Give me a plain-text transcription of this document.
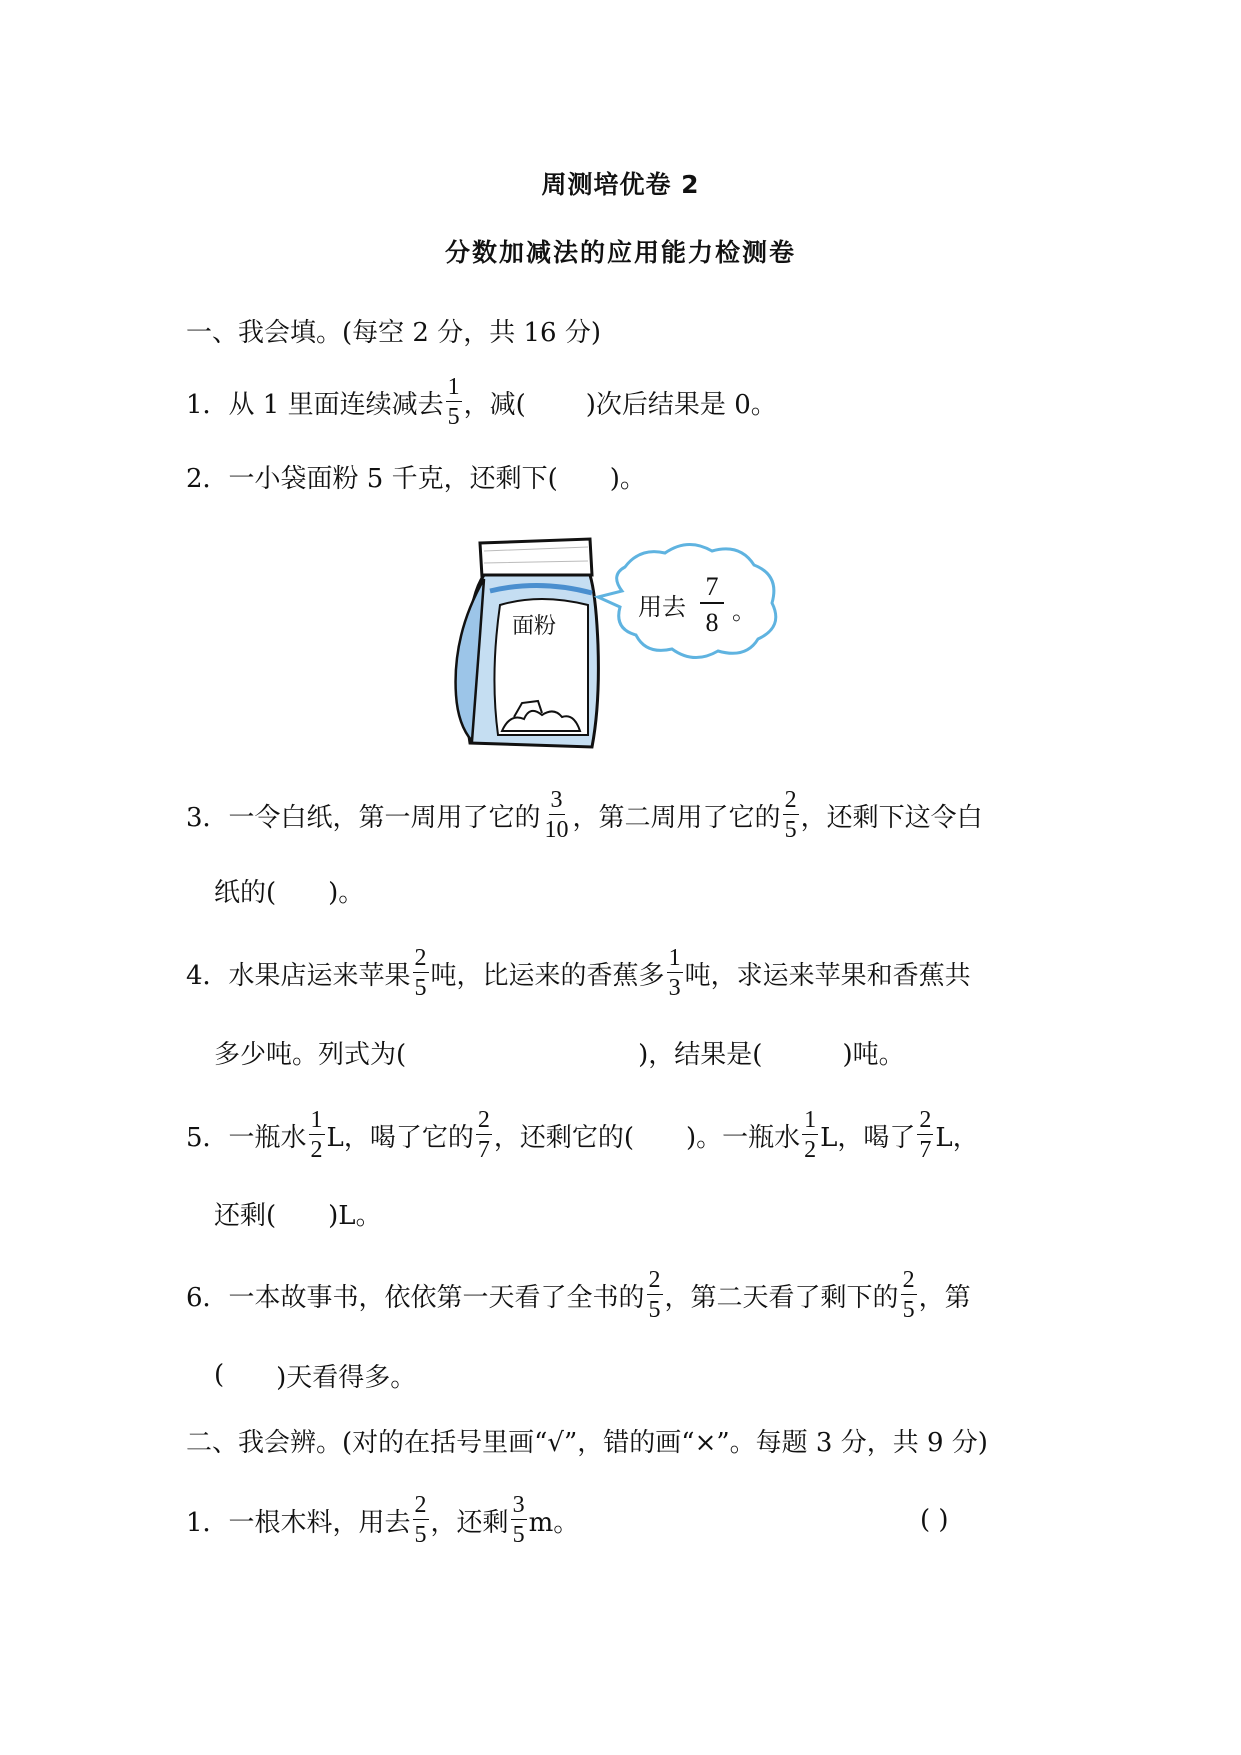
周测培优卷 2
分数加减法的应用能力检测卷
一、我会填。(每空 2 分，共 16 分)
1．从 1 里面连续减去 $\frac{1}{5}$ ，减( )次后结果是 0。
2．一小袋面粉 5 千克，还剩下( )。
面粉
用去
7
8 。
3．一令白纸，第一周用了它的 $\frac{3}{10}$ ，第二周用了它的 $\frac{2}{5}$ ，还剩下这令白
纸的( )。
4．水果店运来苹果 $\frac{2}{5}$ 吨，比运来的香蕉多 $\frac{1}{3}$ 吨，求运来苹果和香蕉共
多少吨。列式为(	)，结果是(	)吨。
5．一瓶水 $\frac{1}{2}$ L，喝了它的 $\frac{2}{7}$ ，还剩它的( )。一瓶水 $\frac{1}{2}$ L，喝了 $\frac{2}{7}$ L，
还剩( )L。
6．一本故事书，依依第一天看了全书的 $\frac{2}{5}$ ，第二天看了剩下的 $\frac{2}{5}$ ，第
( )天看得多。
二、我会辨。(对的在括号里画“√”，错的画“×”。每题 3 分，共 9 分)
1．一根木料，用去 $\frac{2}{5}$ ，还剩 $\frac{3}{5}$ m。	( )
